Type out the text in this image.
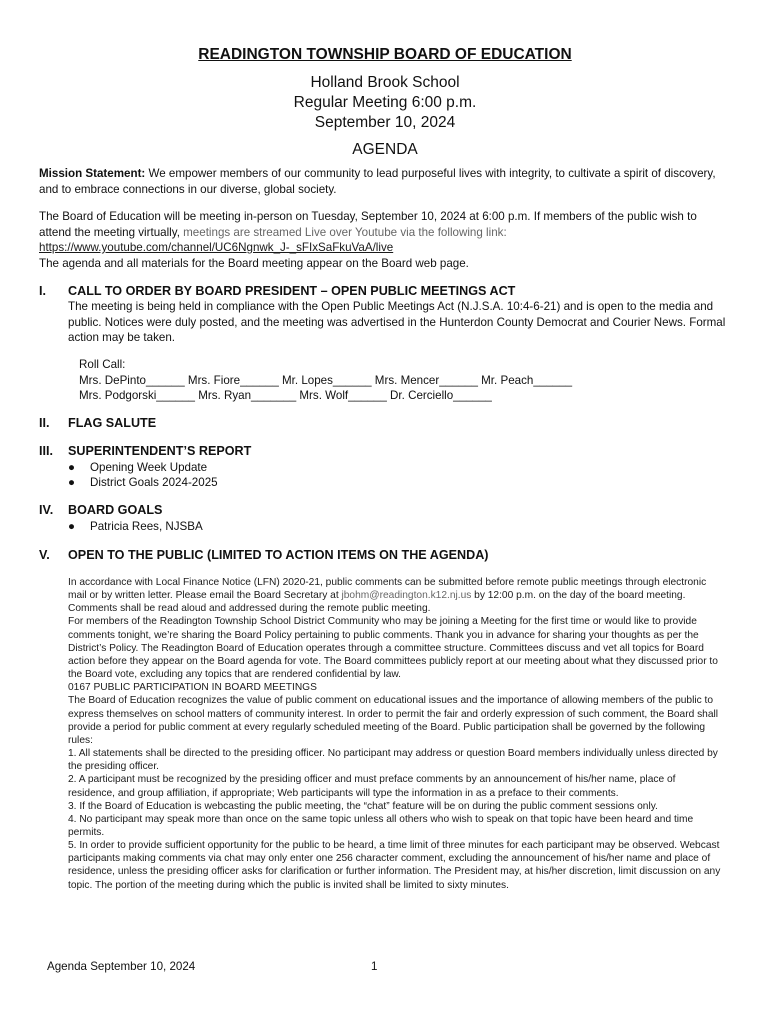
READINGTON TOWNSHIP BOARD OF EDUCATION
Holland Brook School
Regular Meeting 6:00 p.m.
September 10, 2024
AGENDA
Mission Statement: We empower members of our community to lead purposeful lives with integrity, to cultivate a spirit of discovery, and to embrace connections in our diverse, global society.
The Board of Education will be meeting in-person on Tuesday, September 10, 2024 at 6:00 p.m. If members of the public wish to attend the meeting virtually, meetings are streamed Live over Youtube via the following link:
https://www.youtube.com/channel/UC6Ngnwk_J-_sFIxSaFkuVaA/live
The agenda and all materials for the Board meeting appear on the Board web page.
I. CALL TO ORDER BY BOARD PRESIDENT – OPEN PUBLIC MEETINGS ACT
The meeting is being held in compliance with the Open Public Meetings Act (N.J.S.A. 10:4-6-21) and is open to the media and public. Notices were duly posted, and the meeting was advertised in the Hunterdon County Democrat and Courier News. Formal action may be taken.
Roll Call:
Mrs. DePinto______ Mrs. Fiore______ Mr. Lopes______ Mrs. Mencer______ Mr. Peach______
Mrs. Podgorski______ Mrs. Ryan_______ Mrs. Wolf______ Dr. Cerciello______
II. FLAG SALUTE
III. SUPERINTENDENT’S REPORT
● Opening Week Update
● District Goals 2024-2025
IV. BOARD GOALS
● Patricia Rees, NJSBA
V. OPEN TO THE PUBLIC (LIMITED TO ACTION ITEMS ON THE AGENDA)

In accordance with Local Finance Notice (LFN) 2020-21, public comments can be submitted before remote public meetings through electronic mail or by written letter. Please email the Board Secretary at jbohm@readington.k12.nj.us by 12:00 p.m. on the day of the board meeting. Comments shall be read aloud and addressed during the remote public meeting.

For members of the Readington Township School District Community who may be joining a Meeting for the first time or would like to provide comments tonight, we’re sharing the Board Policy pertaining to public comments. Thank you in advance for sharing your thoughts as per the District’s Policy. The Readington Board of Education operates through a committee structure. Committees discuss and vet all topics for Board action before they appear on the Board agenda for vote. The Board committees publicly report at our meeting about what they discussed prior to the Board vote, excluding any topics that are rendered confidential by law.

0167 PUBLIC PARTICIPATION IN BOARD MEETINGS

The Board of Education recognizes the value of public comment on educational issues and the importance of allowing members of the public to express themselves on school matters of community interest. In order to permit the fair and orderly expression of such comment, the Board shall provide a period for public comment at every regularly scheduled meeting of the Board. Public participation shall be governed by the following rules:

1. All statements shall be directed to the presiding officer. No participant may address or question Board members individually unless directed by the presiding officer.

2. A participant must be recognized by the presiding officer and must preface comments by an announcement of his/her name, place of residence, and group affiliation, if appropriate; Web participants will type the information in as a preface to their comments.

3. If the Board of Education is webcasting the public meeting, the “chat” feature will be on during the public comment sessions only.

4. No participant may speak more than once on the same topic unless all others who wish to speak on that topic have been heard and time permits.

5. In order to provide sufficient opportunity for the public to be heard, a time limit of three minutes for each participant may be observed. Webcast participants making comments via chat may only enter one 256 character comment, excluding the announcement of his/her name and place of residence, unless the presiding officer asks for clarification or further information. The President may, at his/her discretion, limit discussion on any topic. The portion of the meeting during which the public is invited shall be limited to sixty minutes.

Agenda September 10, 2024	1
